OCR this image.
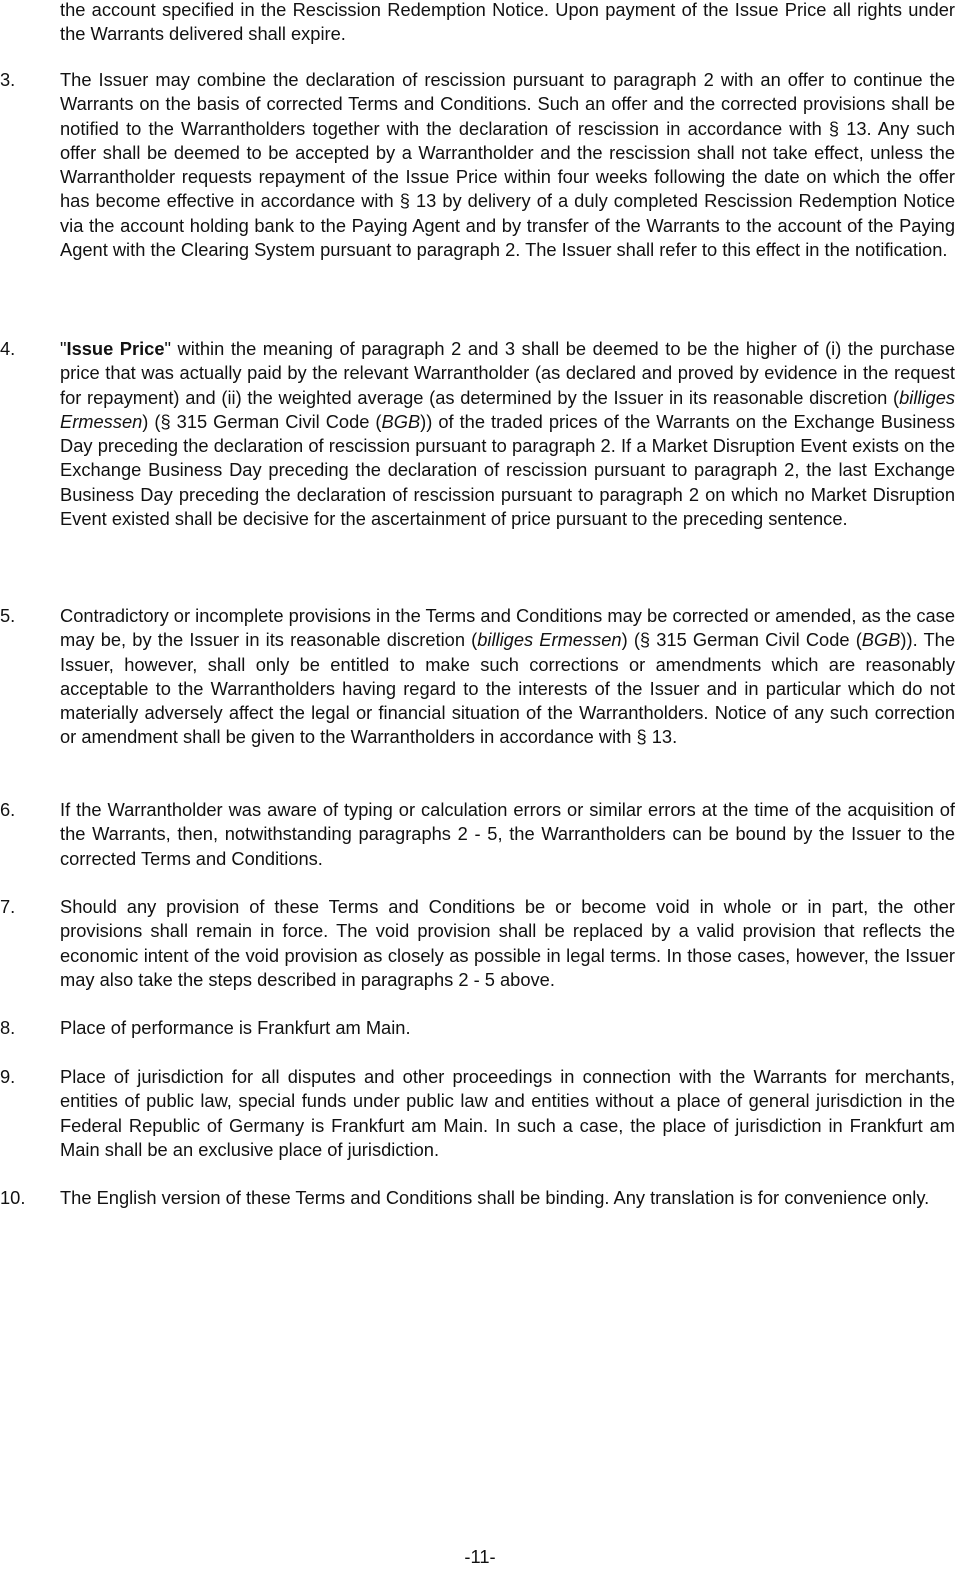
the account specified in the Rescission Redemption Notice. Upon payment of the Issue Price all rights under the Warrants delivered shall expire.

3.	The Issuer may combine the declaration of rescission pursuant to paragraph 2 with an offer to continue the Warrants on the basis of corrected Terms and Conditions. Such an offer and the corrected provisions shall be notified to the Warrantholders together with the declaration of rescission in accordance with § 13. Any such offer shall be deemed to be accepted by a Warrantholder and the rescission shall not take effect, unless the Warrantholder requests repayment of the Issue Price within four weeks following the date on which the offer has become effective in accordance with § 13 by delivery of a duly completed Rescission Redemption Notice via the account holding bank to the Paying Agent and by transfer of the Warrants to the account of the Paying Agent with the Clearing System pursuant to paragraph 2. The Issuer shall refer to this effect in the notification.
4.	"Issue Price" within the meaning of paragraph 2 and 3 shall be deemed to be the higher of (i) the purchase price that was actually paid by the relevant Warrantholder (as declared and proved by evidence in the request for repayment) and (ii) the weighted average (as determined by the Issuer in its reasonable discretion (billiges Ermessen) (§ 315 German Civil Code (BGB)) of the traded prices of the Warrants on the Exchange Business Day preceding the declaration of rescission pursuant to paragraph 2. If a Market Disruption Event exists on the Exchange Business Day preceding the declaration of rescission pursuant to paragraph 2, the last Exchange Business Day preceding the declaration of rescission pursuant to paragraph 2 on which no Market Disruption Event existed shall be decisive for the ascertainment of price pursuant to the preceding sentence.
5.	Contradictory or incomplete provisions in the Terms and Conditions may be corrected or amended, as the case may be, by the Issuer in its reasonable discretion (billiges Ermessen) (§ 315 German Civil Code (BGB)). The Issuer, however, shall only be entitled to make such corrections or amendments which are reasonably acceptable to the Warrantholders having regard to the interests of the Issuer and in particular which do not materially adversely affect the legal or financial situation of the Warrantholders. Notice of any such correction or amendment shall be given to the Warrantholders in accordance with § 13.
6.	If the Warrantholder was aware of typing or calculation errors or similar errors at the time of the acquisition of the Warrants, then, notwithstanding paragraphs 2 - 5, the Warrantholders can be bound by the Issuer to the corrected Terms and Conditions.
7.	Should any provision of these Terms and Conditions be or become void in whole or in part, the other provisions shall remain in force. The void provision shall be replaced by a valid provision that reflects the economic intent of the void provision as closely as possible in legal terms. In those cases, however, the Issuer may also take the steps described in paragraphs 2 - 5 above.
8.	Place of performance is Frankfurt am Main.
9.	Place of jurisdiction for all disputes and other proceedings in connection with the Warrants for merchants, entities of public law, special funds under public law and entities without a place of general jurisdiction in the Federal Republic of Germany is Frankfurt am Main. In such a case, the place of jurisdiction in Frankfurt am Main shall be an exclusive place of jurisdiction.
10.	The English version of these Terms and Conditions shall be binding. Any translation is for convenience only.
-11-
